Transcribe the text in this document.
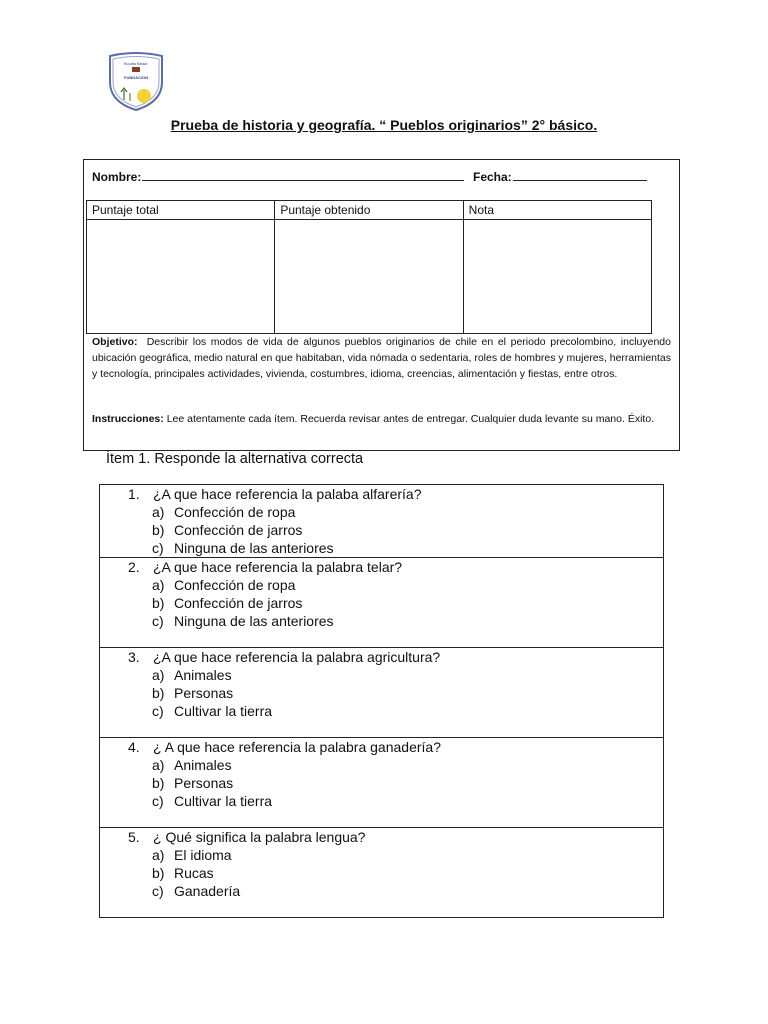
Escuela Básica
FUNDACION
Prueba de historia y geografía. “ Pueblos originarios” 2° básico.
Nombre:	Fecha:
Puntaje total	Puntaje obtenido	Nota

Objetivo: Describir los modos de vida de algunos pueblos originarios de chile en el periodo precolombino, incluyendo ubicación geográfica, medio natural en que habitaban, vida nómada o sedentaria, roles de hombres y mujeres, herramientas y tecnología, principales actividades, vivienda, costumbres, idioma, creencias, alimentación y fiestas, entre otros.
Instrucciones: Lee atentamente cada ítem. Recuerda revisar antes de entregar. Cualquier duda levante su mano. Éxito.
Ítem 1. Responde la alternativa correcta
1. ¿A que hace referencia la palaba alfarería?
a) Confección de ropa
b) Confección de jarros
c) Ninguna de las anteriores
2. ¿A que hace referencia la palabra telar?
a) Confección de ropa
b) Confección de jarros
c) Ninguna de las anteriores
3. ¿A que hace referencia la palabra agricultura?
a) Animales
b) Personas
c) Cultivar la tierra
4. ¿ A que hace referencia la palabra ganadería?
a) Animales
b) Personas
c) Cultivar la tierra
5. ¿ Qué significa la palabra lengua?
a) El idioma
b) Rucas
c) Ganadería
